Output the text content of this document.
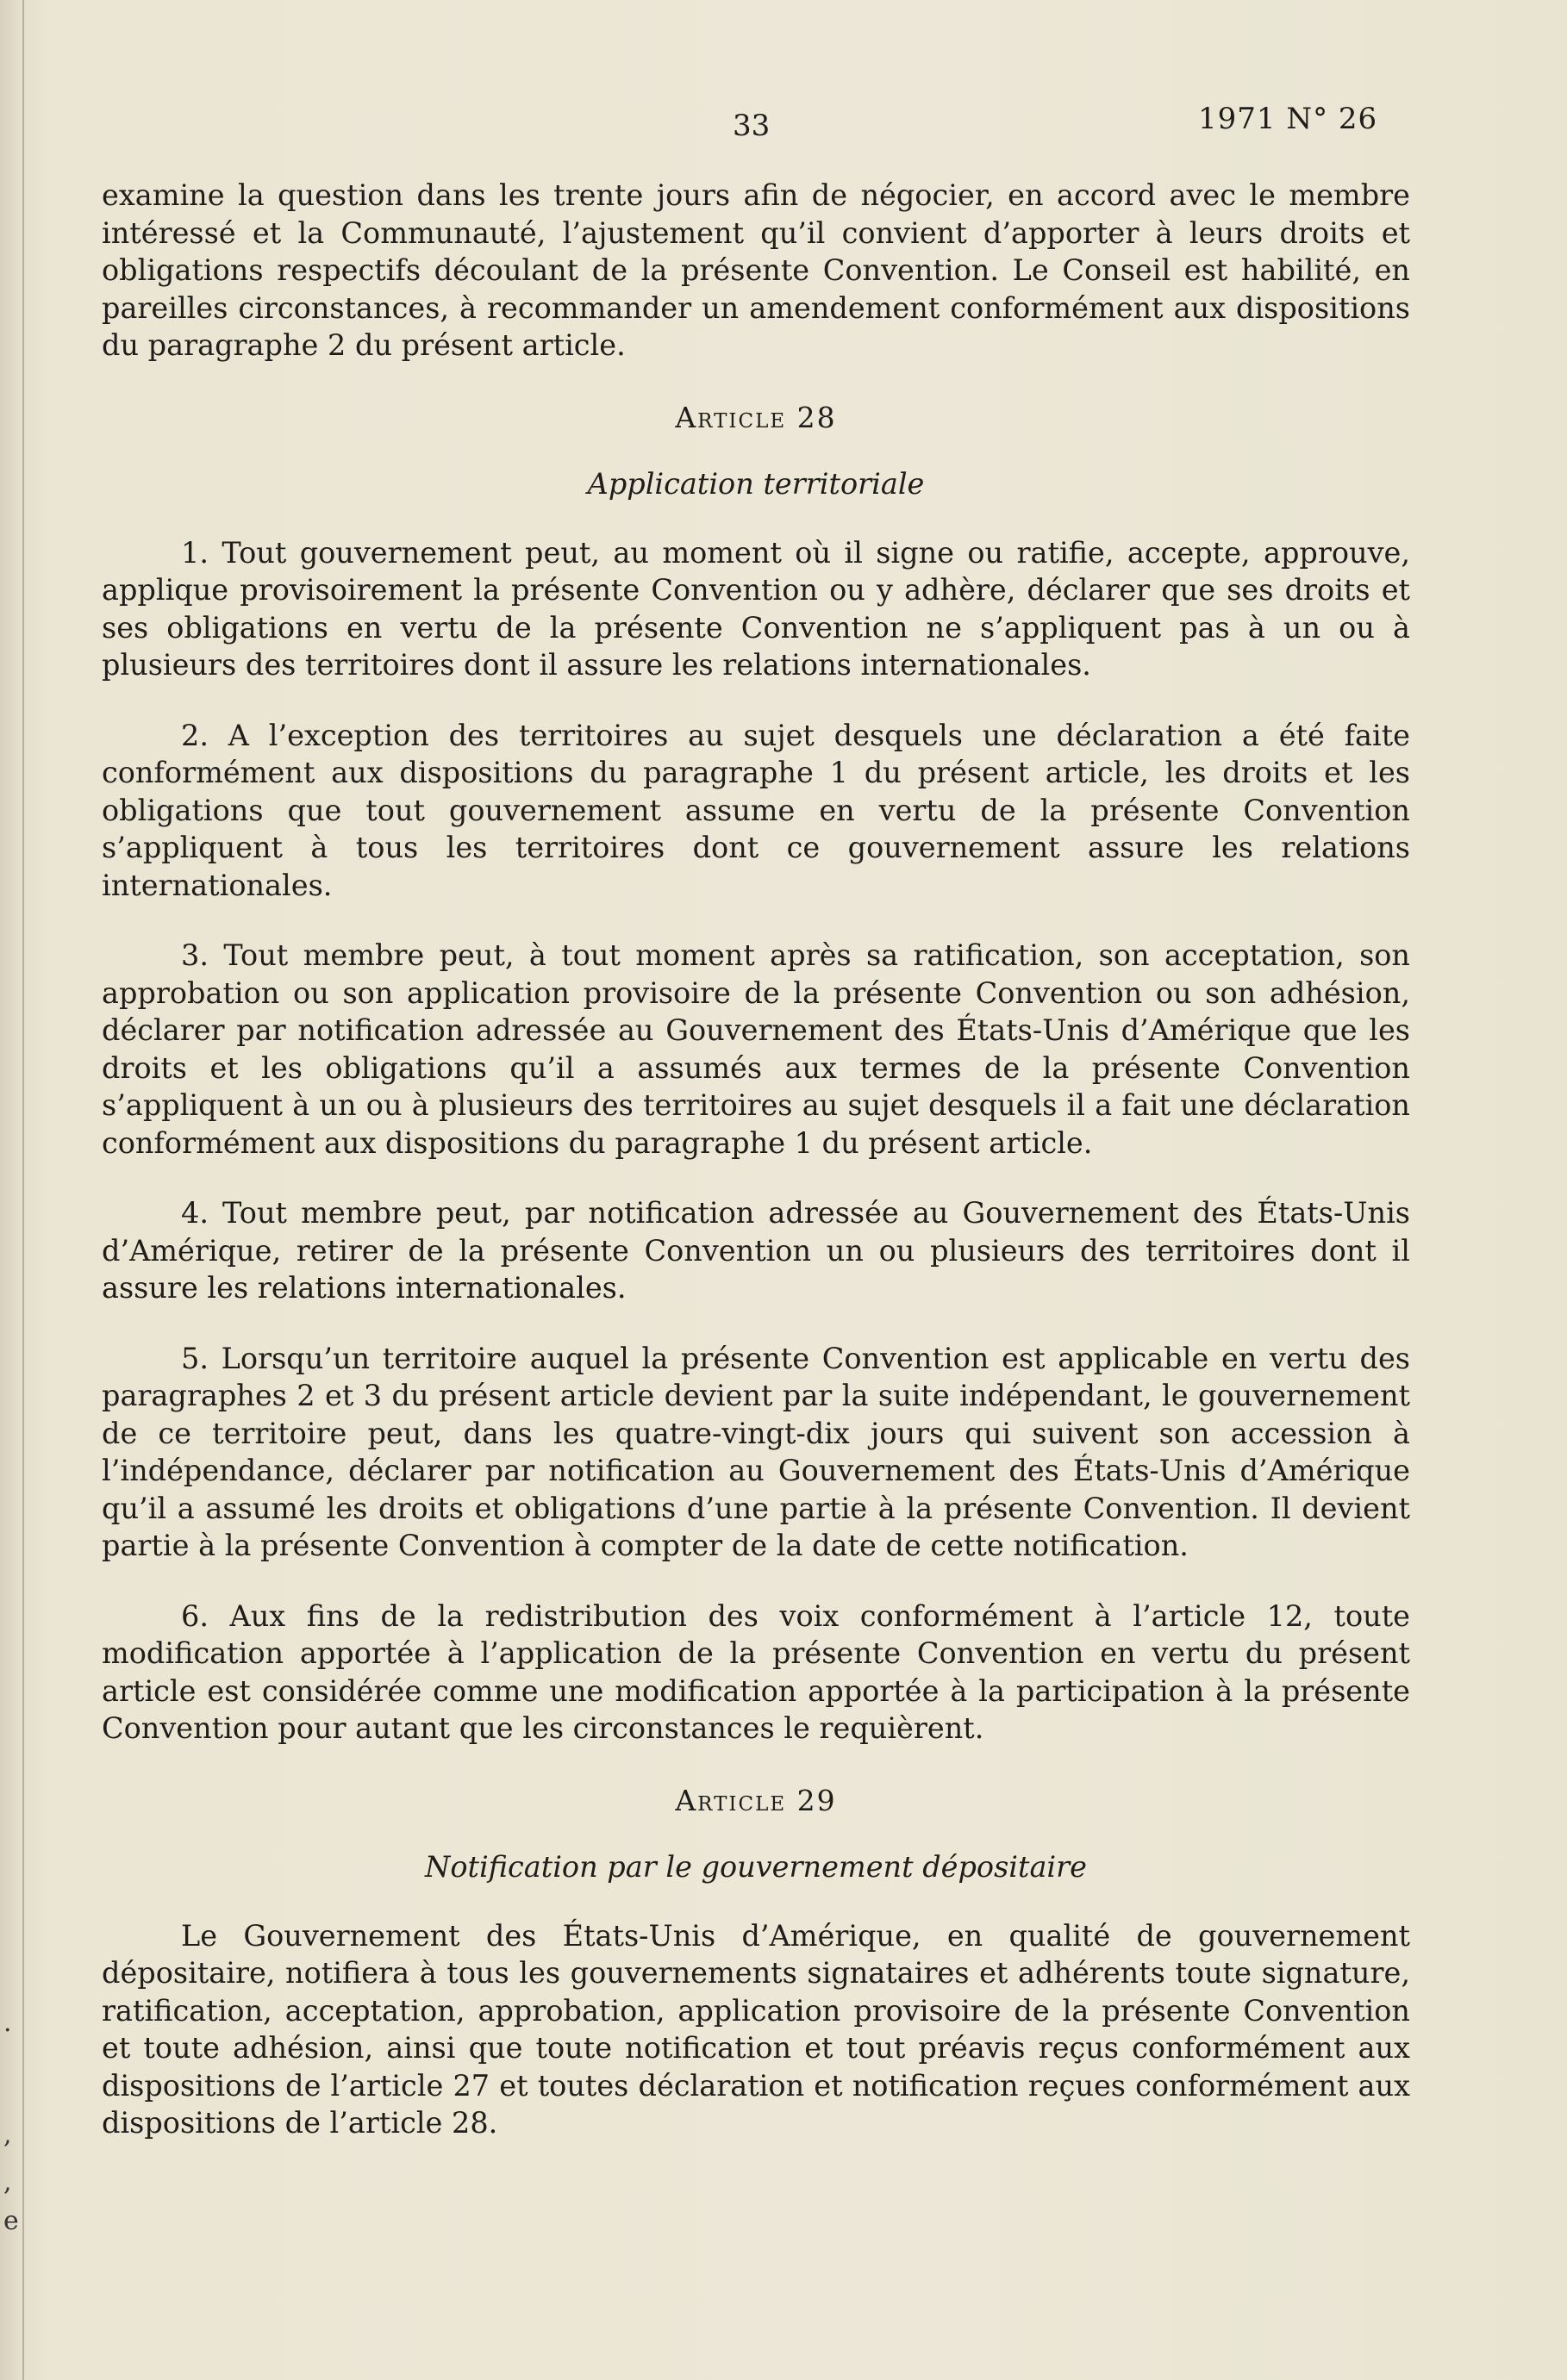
33	1971 N° 26

examine la question dans les trente jours afin de négocier, en accord avec le membre intéressé et la Communauté, l’ajustement qu’il convient d’apporter à leurs droits et obligations respectifs découlant de la présente Convention. Le Conseil est habilité, en pareilles circonstances, à recommander un amendement conformément aux dispositions du paragraphe 2 du présent article.

Article 28
Application territoriale

1. Tout gouvernement peut, au moment où il signe ou ratifie, accepte, approuve, applique provisoirement la présente Convention ou y adhère, déclarer que ses droits et ses obligations en vertu de la présente Convention ne s’appliquent pas à un ou à plusieurs des territoires dont il assure les relations internationales.

2. A l’exception des territoires au sujet desquels une déclaration a été faite conformément aux dispositions du paragraphe 1 du présent article, les droits et les obligations que tout gouvernement assume en vertu de la présente Convention s’appliquent à tous les territoires dont ce gouvernement assure les relations internationales.

3. Tout membre peut, à tout moment après sa ratification, son acceptation, son approbation ou son application provisoire de la présente Convention ou son adhésion, déclarer par notification adressée au Gouvernement des États-Unis d’Amérique que les droits et les obligations qu’il a assumés aux termes de la présente Convention s’appliquent à un ou à plusieurs des territoires au sujet desquels il a fait une déclaration conformément aux dispositions du paragraphe 1 du présent article.

4. Tout membre peut, par notification adressée au Gouvernement des États-Unis d’Amérique, retirer de la présente Convention un ou plusieurs des territoires dont il assure les relations internationales.

5. Lorsqu’un territoire auquel la présente Convention est applicable en vertu des paragraphes 2 et 3 du présent article devient par la suite indépendant, le gouvernement de ce territoire peut, dans les quatre-vingt-dix jours qui suivent son accession à l’indépendance, déclarer par notification au Gouvernement des États-Unis d’Amérique qu’il a assumé les droits et obligations d’une partie à la présente Convention. Il devient partie à la présente Convention à compter de la date de cette notification.

6. Aux fins de la redistribution des voix conformément à l’article 12, toute modification apportée à l’application de la présente Convention en vertu du présent article est considérée comme une modification apportée à la participation à la présente Convention pour autant que les circonstances le requièrent.

Article 29
Notification par le gouvernement dépositaire

Le Gouvernement des États-Unis d’Amérique, en qualité de gouvernement dépositaire, notifiera à tous les gouvernements signataires et adhérents toute signature, ratification, acceptation, approbation, application provisoire de la présente Convention et toute adhésion, ainsi que toute notification et tout préavis reçus conformément aux dispositions de l’article 27 et toutes déclaration et notification reçues conformément aux dispositions de l’article 28.

.
,
,
e
